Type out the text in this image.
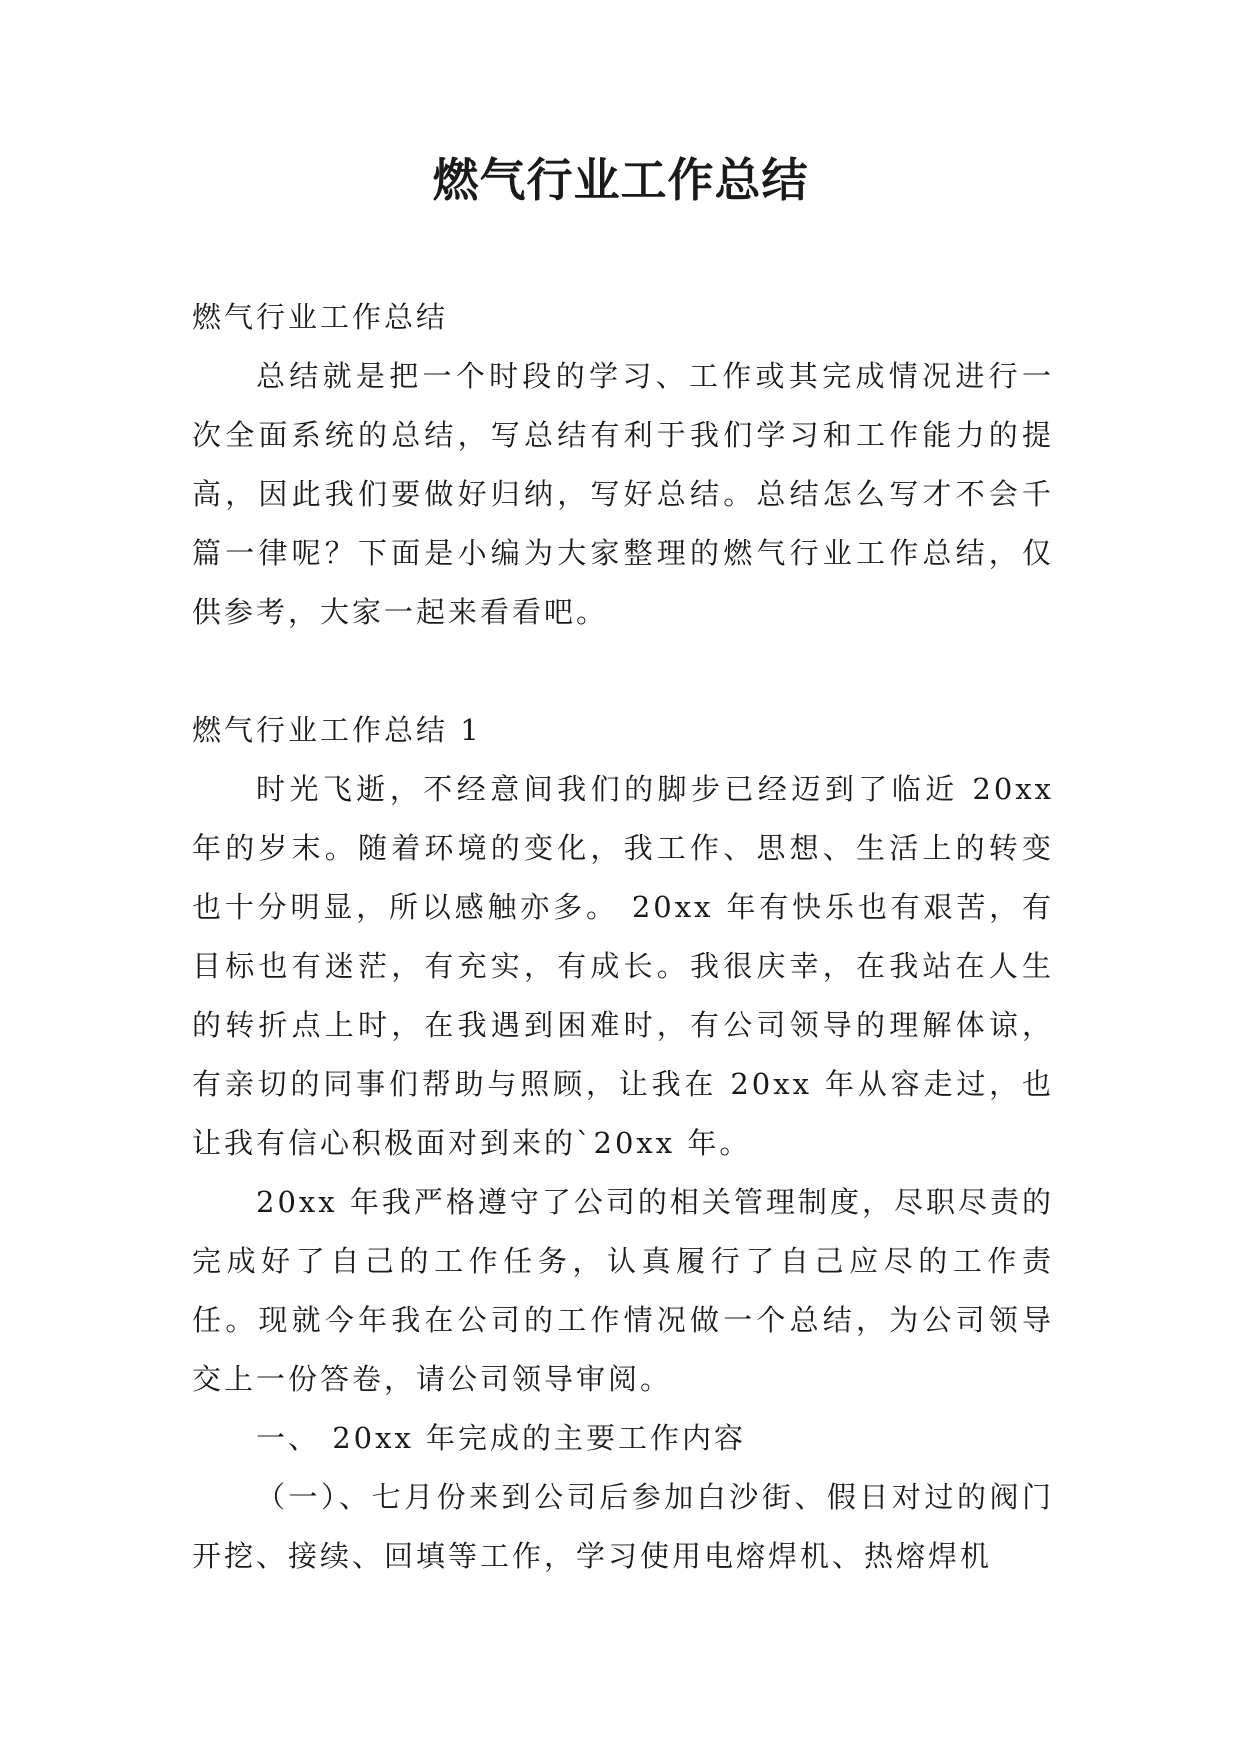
燃气行业工作总结

燃气行业工作总结

总结就是把一个时段的学习、工作或其完成情况进行一次全面系统的总结，写总结有利于我们学习和工作能力的提高，因此我们要做好归纳，写好总结。总结怎么写才不会千篇一律呢？下面是小编为大家整理的燃气行业工作总结，仅供参考，大家一起来看看吧。

燃气行业工作总结 1

时光飞逝，不经意间我们的脚步已经迈到了临近 20xx 年的岁末。随着环境的变化，我工作、思想、生活上的转变也十分明显，所以感触亦多。 20xx 年有快乐也有艰苦，有目标也有迷茫，有充实，有成长。我很庆幸，在我站在人生的转折点上时，在我遇到困难时，有公司领导的理解体谅，有亲切的同事们帮助与照顾，让我在 20xx 年从容走过，也让我有信心积极面对到来的`20xx 年。

20xx 年我严格遵守了公司的相关管理制度，尽职尽责的完成好了自己的工作任务，认真履行了自己应尽的工作责任。现就今年我在公司的工作情况做一个总结，为公司领导交上一份答卷，请公司领导审阅。

一、 20xx 年完成的主要工作内容

（一）、七月份来到公司后参加白沙街、假日对过的阀门开挖、接续、回填等工作，学习使用电熔焊机、热熔焊机
